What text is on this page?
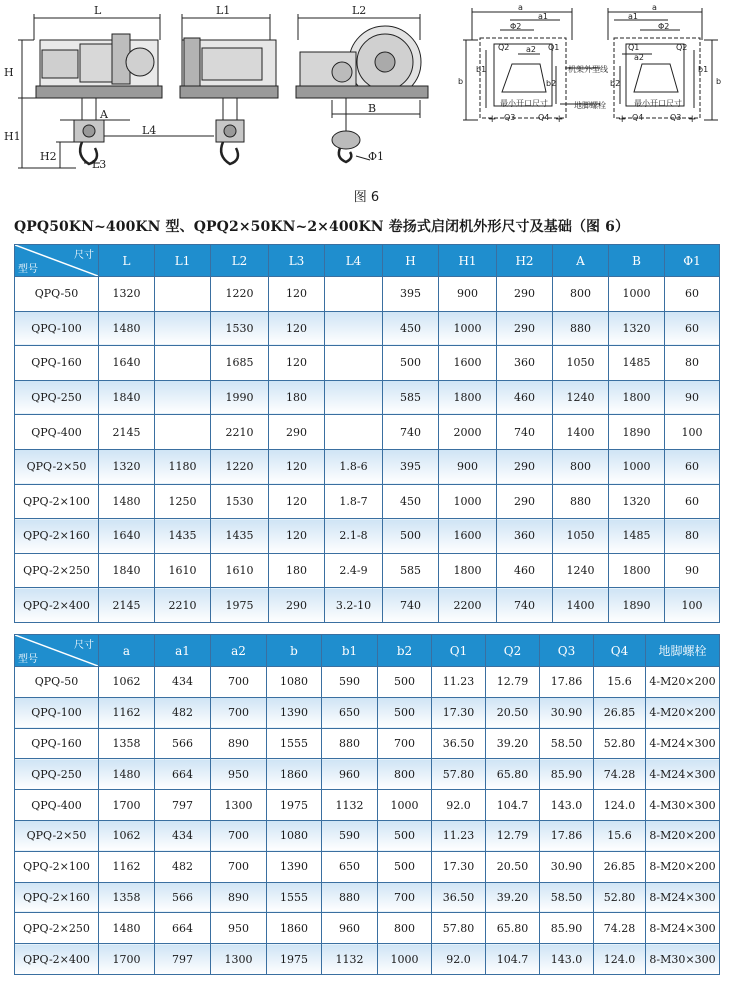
+	+	+	+
L
A
L3
L4
H
H1
H2
L1	L2
B
Φ1
a
a1
Φ2
Q2 a2 Q1
b
b1
b2
最小开口尺寸
Q3	Q4
机架外型线
地脚螺栓
a
a1
Φ2
Q1
a2
Q2
b
b1
b2
最小开口尺寸
Q4	Q3
图 6
QPQ50KN~400KN 型、QPQ2×50KN~2×400KN 卷扬式启闭机外形尺寸及基础（图 6）
尺寸
型号	L	L1	L2	L3	L4	H	H1	H2	A	B	Φ1
QPQ-50	1320		1220	120		395	900	290	800	1000	60
QPQ-100	1480		1530	120		450	1000	290	880	1320	60
QPQ-160	1640		1685	120		500	1600	360	1050	1485	80
QPQ-250	1840		1990	180		585	1800	460	1240	1800	90
QPQ-400	2145		2210	290		740	2000	740	1400	1890	100
QPQ-2×50	1320	1180	1220	120	1.8-6	395	900	290	800	1000	60
QPQ-2×100	1480	1250	1530	120	1.8-7	450	1000	290	880	1320	60
QPQ-2×160	1640	1435	1435	120	2.1-8	500	1600	360	1050	1485	80
QPQ-2×250	1840	1610	1610	180	2.4-9	585	1800	460	1240	1800	90
QPQ-2×400	2145	2210	1975	290	3.2-10	740	2200	740	1400	1890	100
尺寸
型号	a	a1	a2	b	b1	b2	Q1	Q2	Q3	Q4	地脚螺栓
QPQ-50	1062	434	700	1080	590	500	11.23	12.79	17.86	15.6	4-M20×200
QPQ-100	1162	482	700	1390	650	500	17.30	20.50	30.90	26.85	4-M20×200
QPQ-160	1358	566	890	1555	880	700	36.50	39.20	58.50	52.80	4-M24×300
QPQ-250	1480	664	950	1860	960	800	57.80	65.80	85.90	74.28	4-M24×300
QPQ-400	1700	797	1300	1975	1132	1000	92.0	104.7	143.0	124.0	4-M30×300
QPQ-2×50	1062	434	700	1080	590	500	11.23	12.79	17.86	15.6	8-M20×200
QPQ-2×100	1162	482	700	1390	650	500	17.30	20.50	30.90	26.85	8-M20×200
QPQ-2×160	1358	566	890	1555	880	700	36.50	39.20	58.50	52.80	8-M24×300
QPQ-2×250	1480	664	950	1860	960	800	57.80	65.80	85.90	74.28	8-M24×300
QPQ-2×400	1700	797	1300	1975	1132	1000	92.0	104.7	143.0	124.0	8-M30×300
